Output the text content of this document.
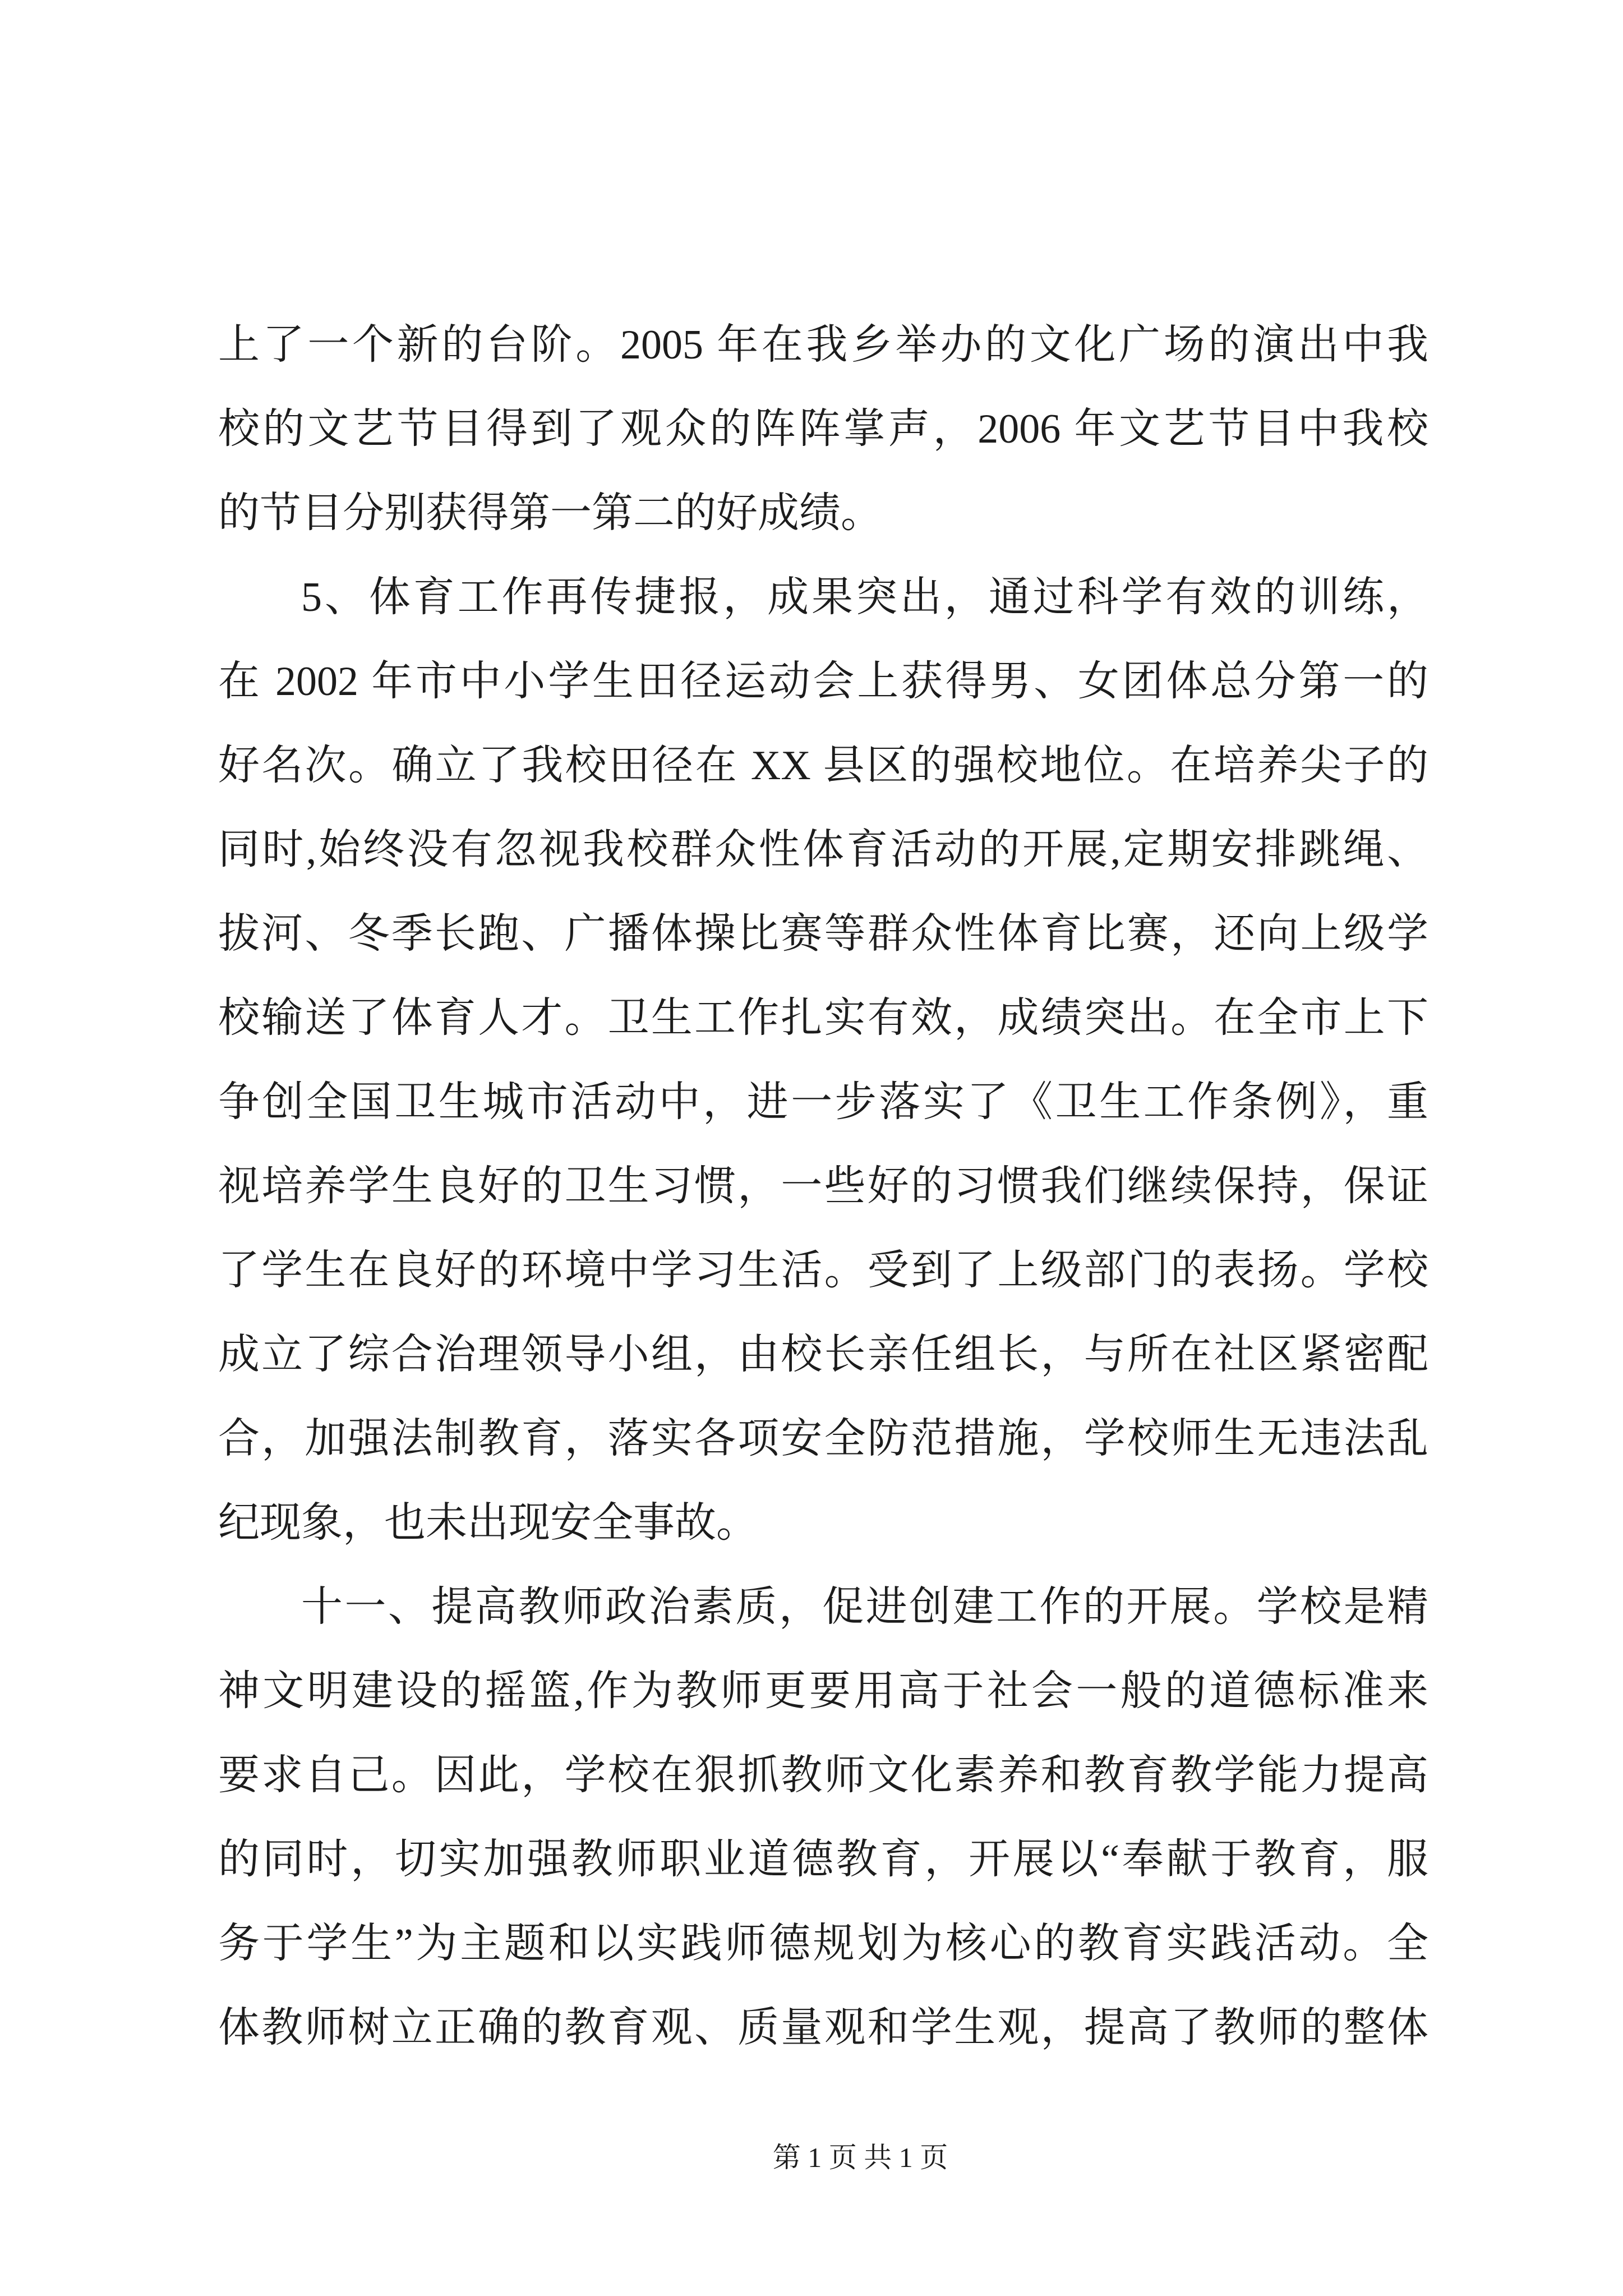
上了一个新的台阶。2005 年在我乡举办的文化广场的演出中我
校的文艺节目得到了观众的阵阵掌声，2006 年文艺节目中我校
的节目分别获得第一第二的好成绩。
5、体育工作再传捷报，成果突出，通过科学有效的训练，
在 2002 年市中小学生田径运动会上获得男、女团体总分第一的
好名次。确立了我校田径在 XX 县区的强校地位。在培养尖子的
同时,始终没有忽视我校群众性体育活动的开展,定期安排跳绳、
拔河、冬季长跑、广播体操比赛等群众性体育比赛，还向上级学
校输送了体育人才。卫生工作扎实有效，成绩突出。在全市上下
争创全国卫生城市活动中，进一步落实了《卫生工作条例》，重
视培养学生良好的卫生习惯，一些好的习惯我们继续保持，保证
了学生在良好的环境中学习生活。受到了上级部门的表扬。学校
成立了综合治理领导小组，由校长亲任组长，与所在社区紧密配
合，加强法制教育，落实各项安全防范措施，学校师生无违法乱
纪现象，也未出现安全事故。
十一、提高教师政治素质，促进创建工作的开展。学校是精
神文明建设的摇篮,作为教师更要用高于社会一般的道德标准来
要求自己。因此，学校在狠抓教师文化素养和教育教学能力提高
的同时，切实加强教师职业道德教育，开展以“奉献于教育，服
务于学生”为主题和以实践师德规划为核心的教育实践活动。全
体教师树立正确的教育观、质量观和学生观，提高了教师的整体
第 1 页 共 1 页
